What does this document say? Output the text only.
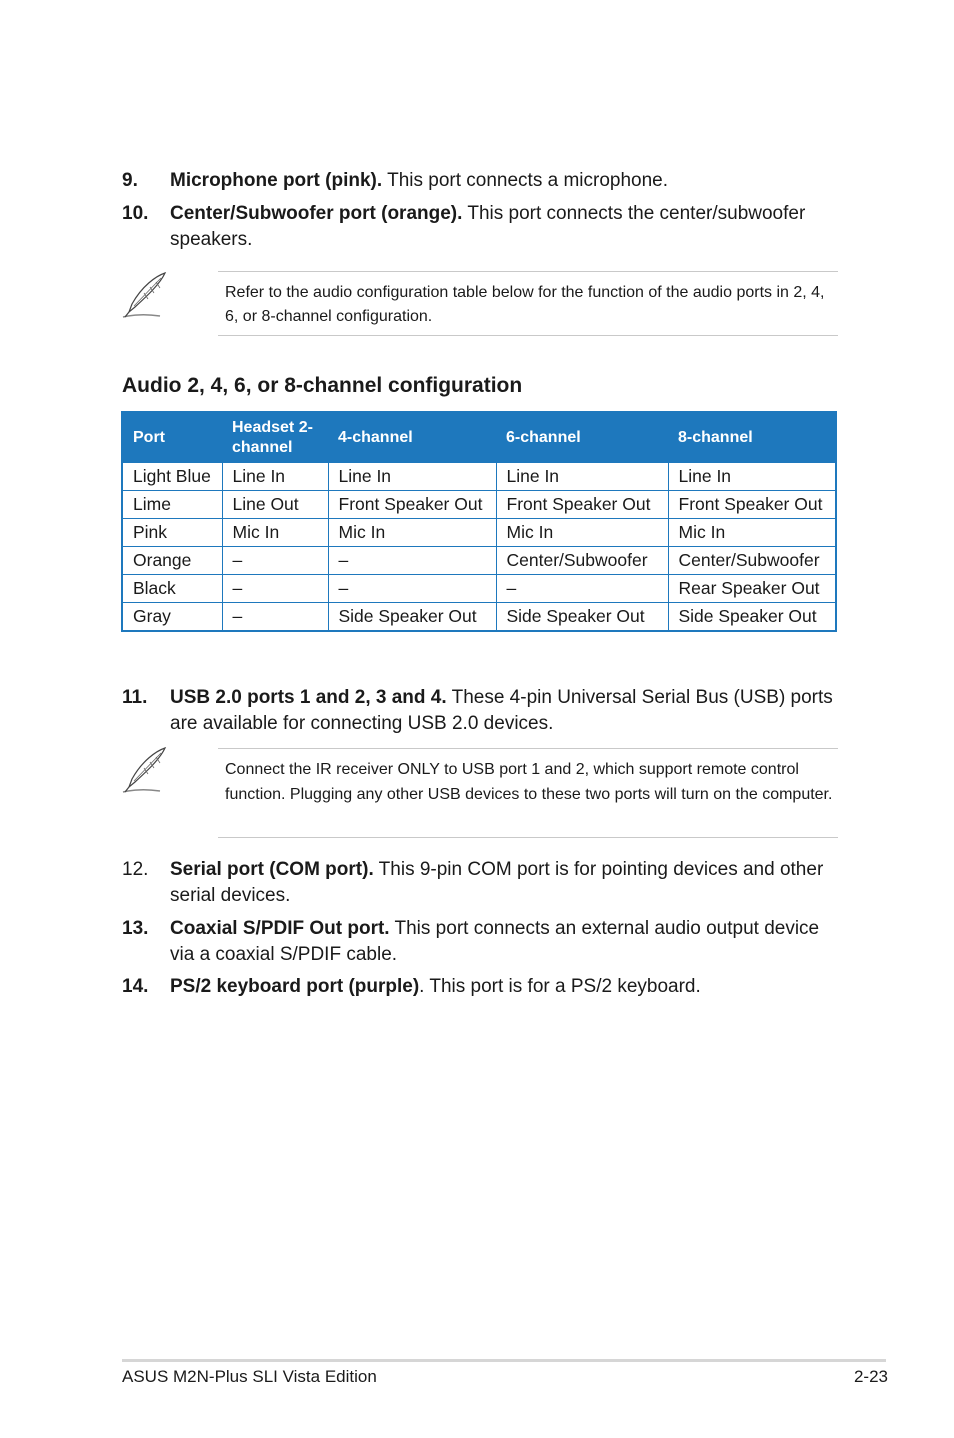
9.	Microphone port (pink). This port connects a microphone.
10.	Center/Subwoofer port (orange). This port connects the center/subwoofer speakers.
Refer to the audio configuration table below for the function of the audio ports in 2, 4, 6, or 8-channel configuration.
Audio 2, 4, 6, or 8-channel configuration
Port	Headset 2-channel	4-channel	6-channel	8-channel
Light Blue	Line In	Line In	Line In	Line In
Lime	Line Out	Front Speaker Out	Front Speaker Out	Front Speaker Out
Pink	Mic In	Mic In	Mic In	Mic In
Orange	–	–	Center/Subwoofer	Center/Subwoofer
Black	–	–	–	Rear Speaker Out
Gray	–	Side Speaker Out	Side Speaker Out	Side Speaker Out
11.	USB 2.0 ports 1 and 2, 3 and 4. These 4-pin Universal Serial Bus (USB) ports are available for connecting USB 2.0 devices.
Connect the IR receiver ONLY to USB port 1 and 2, which support remote control function. Plugging any other USB devices to these two ports will turn on the computer.
12.	Serial port (COM port). This 9-pin COM port is for pointing devices and other serial devices.
13.	Coaxial S/PDIF Out port. This port connects an external audio output device via a coaxial S/PDIF cable.
14.	PS/2 keyboard port (purple). This port is for a PS/2 keyboard.
ASUS M2N-Plus SLI Vista Edition	2-23
